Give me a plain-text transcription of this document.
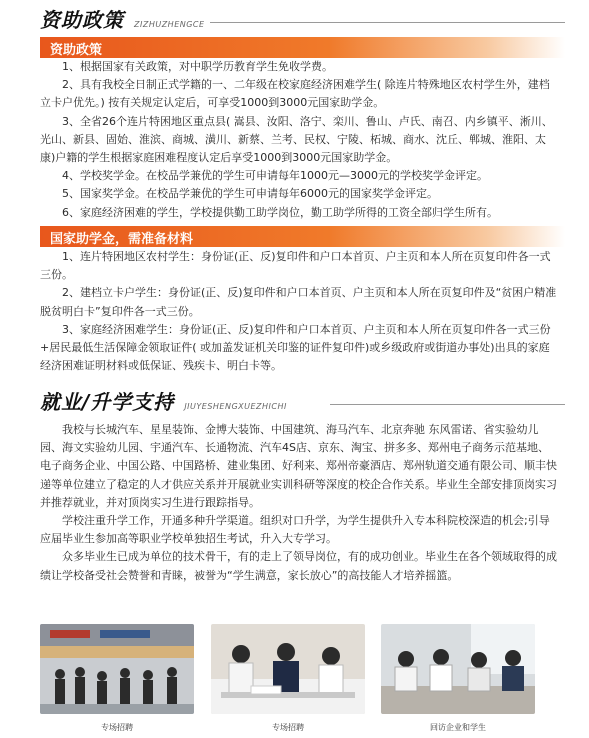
资助政策 ZIZHUZHENGCE
资助政策

1、根据国家有关政策，对中职学历教育学生免收学费。

2、具有我校全日制正式学籍的一、二年级在校家庭经济困难学生( 除连片特殊地区农村学生外，建档立卡户优先。) 按有关规定认定后，可享受1000到3000元国家助学金。

3、全省26个连片特困地区重点县( 嵩县、汝阳、洛宁、栾川、鲁山、卢氏、南召、内乡镇平、淅川、光山、新县、固始、淮滨、商城、潢川、新蔡、兰考、民权、宁陵、柘城、商水、沈丘、郸城、淮阳、太康)户籍的学生根据家庭困难程度认定后享受1000到3000元国家助学金。

4、学校奖学金。在校品学兼优的学生可申请每年1000元—3000元的学校奖学金评定。

5、国家奖学金。在校品学兼优的学生可申请每年6000元的国家奖学金评定。

6、家庭经济困难的学生，学校提供勤工助学岗位，勤工助学所得的工资全部归学生所有。

国家助学金，需准备材料

1、连片特困地区农村学生：身份证(正、反)复印件和户口本首页、户主页和本人所在页复印件各一式三份。

2、建档立卡户学生：身份证(正、反)复印件和户口本首页、户主页和本人所在页复印件及“贫困户精准脱贫明白卡”复印件各一式三份。

3、家庭经济困难学生：身份证(正、反)复印件和户口本首页、户主页和本人所在页复印件各一式三份+居民最低生活保障金领取证件( 或加盖发证机关印鉴的证件复印件)或乡级政府或街道办事处)出具的家庭经济困难证明材料或低保证、残疾卡、明白卡等。

就业/升学支持 JIUYESHENGXUEZHICHI

我校与长城汽车、星星装饰、金博大装饰、中国建筑、海马汽车、北京奔驰 东风雷诺、省实验幼儿园、海文实验幼儿园、宇通汽车、长通物流、汽车4S店、京东、淘宝、拼多多、郑州电子商务示范基地、电子商务企业、中国公路、中国路桥、建业集团、好利来、郑州帝豪酒店、郑州轨道交通有限公司、顺丰快递等单位建立了稳定的人才供应关系并开展就业实训科研等深度的校企合作关系。毕业生全部安排顶岗实习并推荐就业，并对顶岗实习生进行跟踪指导。

学校注重升学工作，开通多种升学渠道。组织对口升学，为学生提供升入专本科院校深造的机会;引导应届毕业生参加高等职业学校单独招生考试，升入大专学习。

众多毕业生已成为单位的技术骨干，有的走上了领导岗位，有的成功创业。毕业生在各个领域取得的成绩让学校备受社会赞誉和青睐，被誉为“学生满意，家长放心”的高技能人才培养摇篮。

专场招聘	专场招聘	回访企业和学生
